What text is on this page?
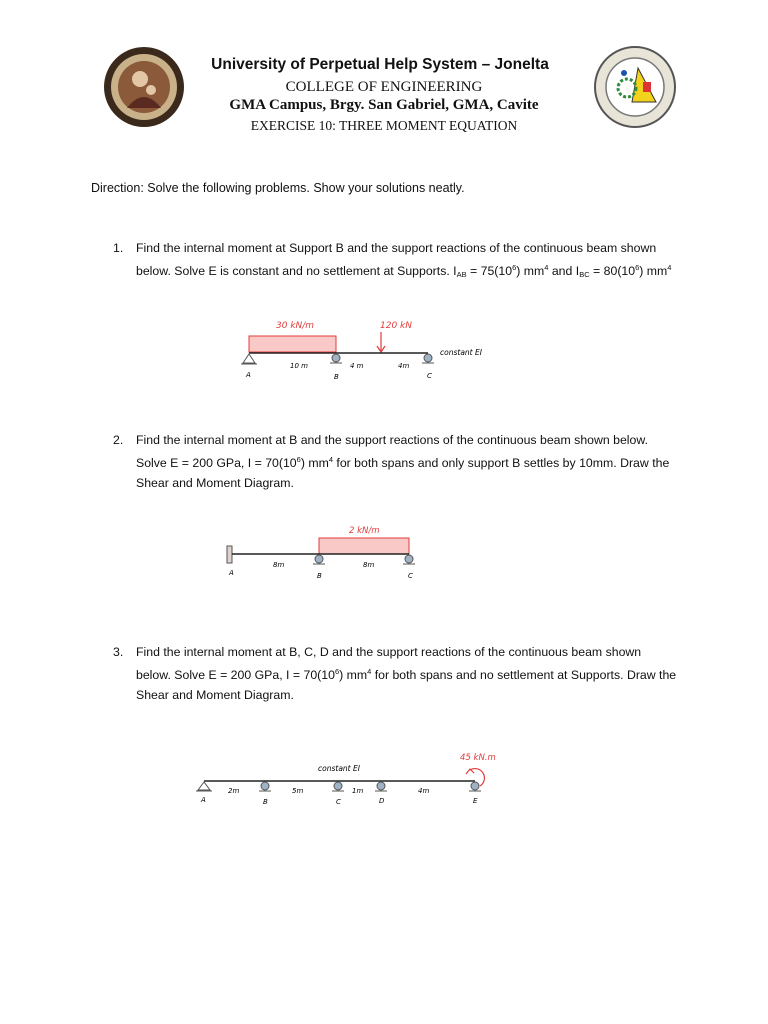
University of Perpetual Help System – Jonelta
COLLEGE OF ENGINEERING
GMA Campus, Brgy. San Gabriel, GMA, Cavite
EXERCISE 10: THREE MOMENT EQUATION
Direction: Solve the following problems. Show your solutions neatly.
1. Find the internal moment at Support B and the support reactions of the continuous beam shown below. Solve E is constant and no settlement at Supports. $I_{AB} = 75(10^6)$ $mm^4$ and $I_{BC} = 80(10^6)$ $mm^4$
30 kN/m	120 kN
constant EI
10 m	4 m	4m
A	B	C
2. Find the internal moment at B and the support reactions of the continuous beam shown below. Solve E = 200 GPa, $I = 70(10^6)$ $mm^4$ for both spans and only support B settles by 10mm. Draw the Shear and Moment Diagram.
2 kN/m
8m	8m
A	B	C
3. Find the internal moment at B, C, D and the support reactions of the continuous beam shown below. Solve E = 200 GPa, $I = 70(10^6)$ $mm^4$ for both spans and no settlement at Supports. Draw the Shear and Moment Diagram.
45 kN.m
constant EI
2m	5m	1m	4m
A	B	C	D	E
